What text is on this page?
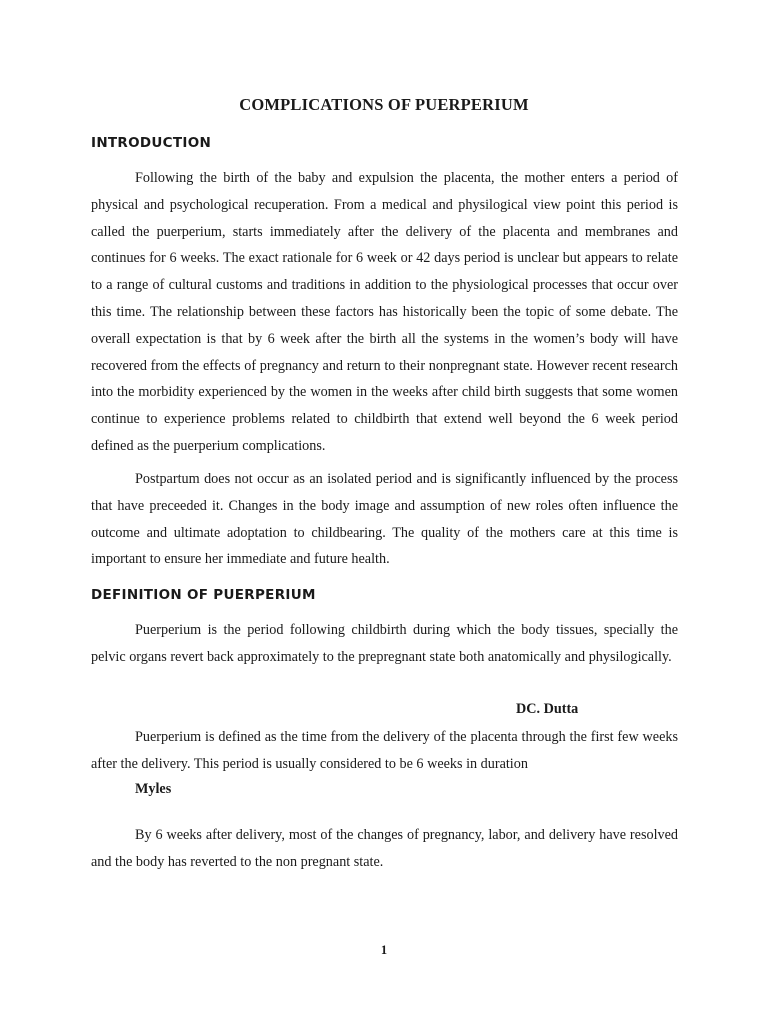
COMPLICATIONS OF PUERPERIUM
INTRODUCTION

Following the birth of the baby and expulsion the placenta, the mother enters a period of physical and psychological recuperation. From a medical and physilogical view point this period is called the puerperium, starts immediately after the delivery of the placenta and membranes and continues for 6 weeks. The exact rationale for 6 week or 42 days period is unclear but appears to relate to a range of cultural customs and traditions in addition to the physiological processes that occur over this time. The relationship between these factors has historically been the topic of some debate. The overall expectation is that by 6 week after the birth all the systems in the women’s body will have recovered from the effects of pregnancy and return to their nonpregnant state. However recent research into the morbidity experienced by the women in the weeks after child birth suggests that some women continue to experience problems related to childbirth that extend well beyond the 6 week period defined as the puerperium complications.

Postpartum does not occur as an isolated period and is significantly influenced by the process that have preceeded it. Changes in the body image and assumption of new roles often influence the outcome and ultimate adoptation to childbearing. The quality of the mothers care at this time is important to ensure her immediate and future health.

DEFINITION OF PUERPERIUM

Puerperium is the period following childbirth during which the body tissues, specially the pelvic organs revert back approximately to the prepregnant state both anatomically and physilogically.

DC. Dutta

Puerperium is defined as the time from the delivery of the placenta through the first few weeks after the delivery. This period is usually considered to be 6 weeks in duration

Myles

By 6 weeks after delivery, most of the changes of pregnancy, labor, and delivery have resolved and the body has reverted to the non pregnant state.

1
